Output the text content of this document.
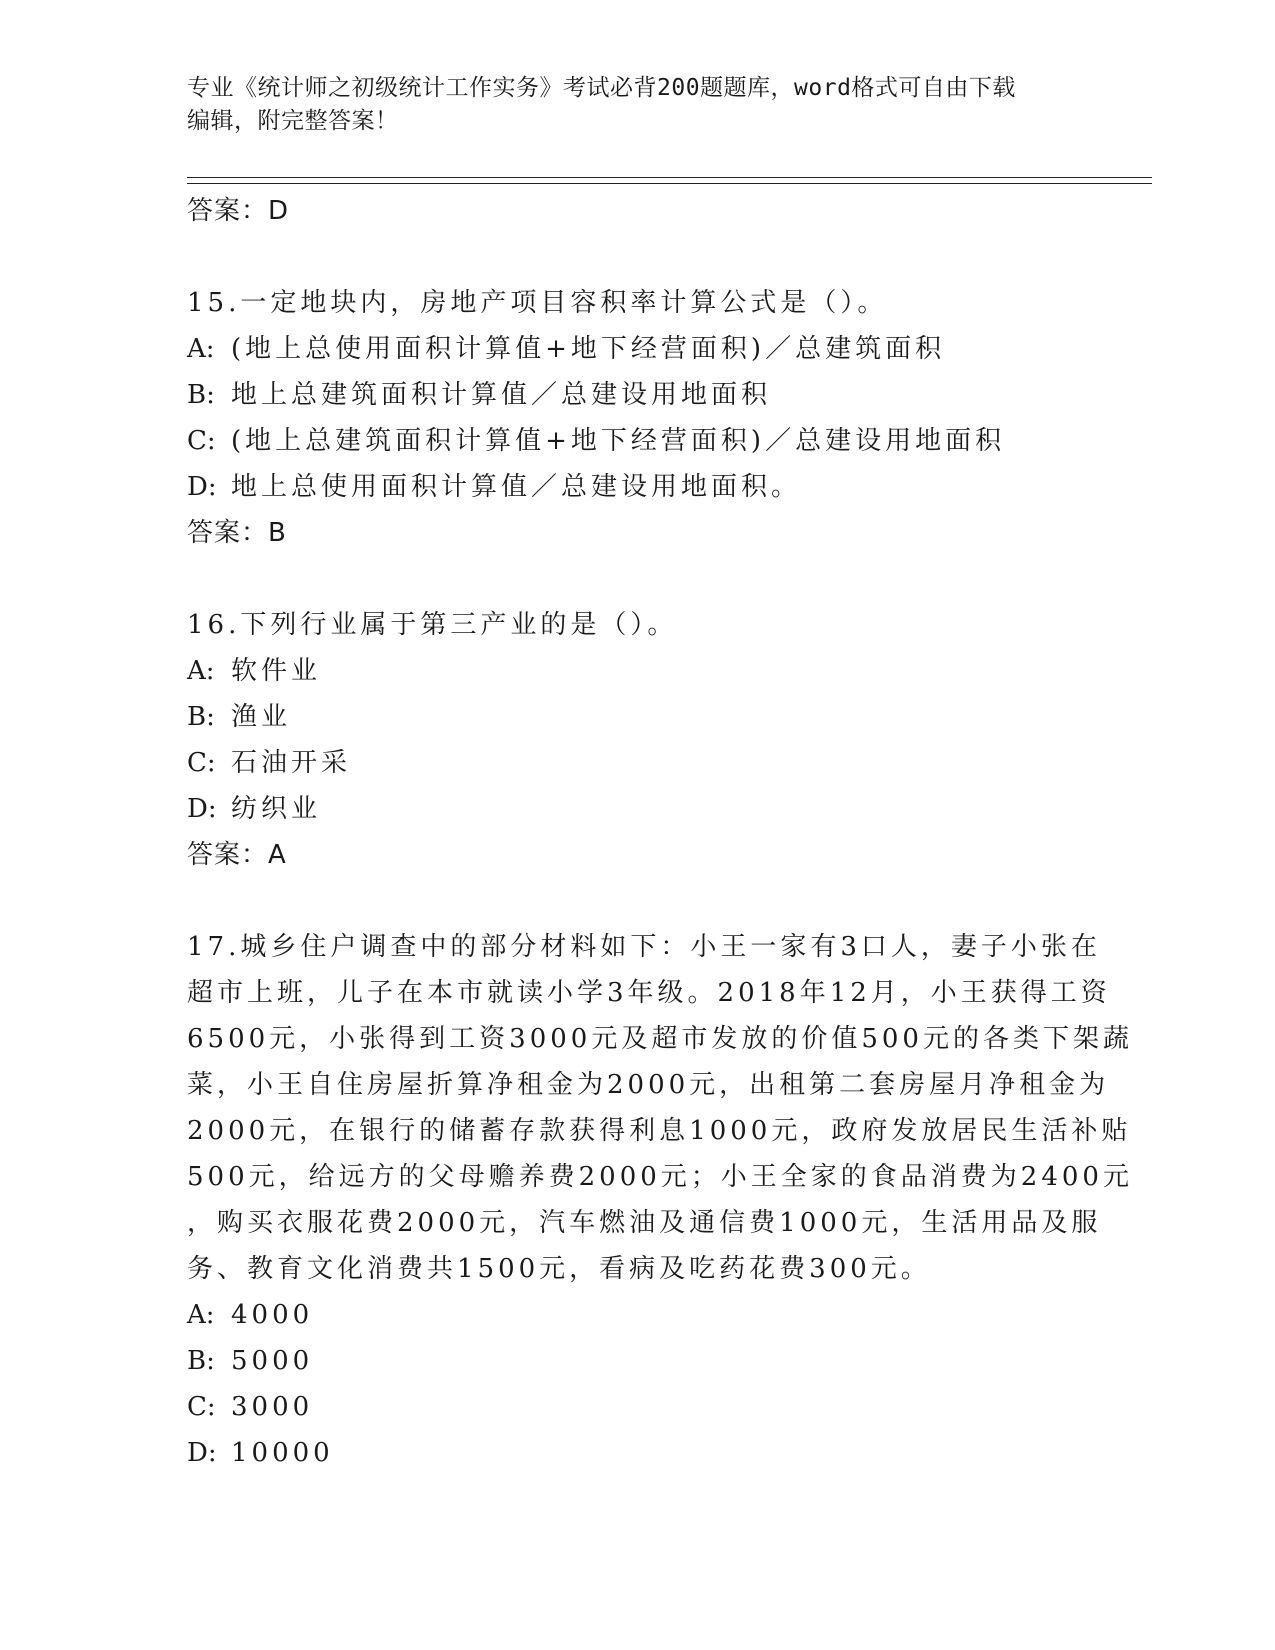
专业《统计师之初级统计工作实务》考试必背200题题库，word格式可自由下载
编辑，附完整答案！
答案：D
15.一定地块内，房地产项目容积率计算公式是（）。
A: (地上总使用面积计算值+地下经营面积)／总建筑面积
B: 地上总建筑面积计算值／总建设用地面积
C: (地上总建筑面积计算值+地下经营面积)／总建设用地面积
D: 地上总使用面积计算值／总建设用地面积。
答案：B
16.下列行业属于第三产业的是（）。
A: 软件业
B: 渔业
C: 石油开采
D: 纺织业
答案：A
17.城乡住户调查中的部分材料如下：小王一家有3口人，妻子小张在
超市上班，儿子在本市就读小学3年级。2018年12月，小王获得工资
6500元，小张得到工资3000元及超市发放的价值500元的各类下架蔬
菜，小王自住房屋折算净租金为2000元，出租第二套房屋月净租金为
2000元，在银行的储蓄存款获得利息1000元，政府发放居民生活补贴
500元，给远方的父母赡养费2000元；小王全家的食品消费为2400元
，购买衣服花费2000元，汽车燃油及通信费1000元，生活用品及服
务、教育文化消费共1500元，看病及吃药花费300元。
A: 4000
B: 5000
C: 3000
D: 10000
